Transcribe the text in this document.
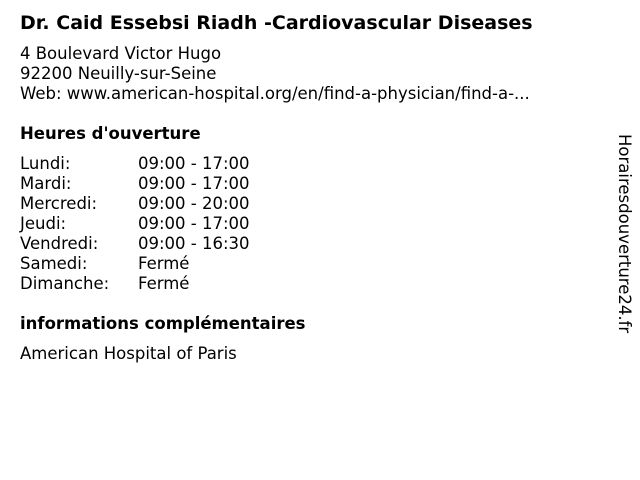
Dr. Caid Essebsi Riadh -Cardiovascular Diseases
4 Boulevard Victor Hugo
92200 Neuilly-sur-Seine
Web: www.american-hospital.org/en/find-a-physician/find-a-...
Heures d'ouverture
Lundi:	09:00 - 17:00
Mardi:	09:00 - 17:00
Mercredi: 09:00 - 20:00
Jeudi:	09:00 - 17:00
Vendredi: 09:00 - 16:30
Samedi:	Fermé
Dimanche: Fermé
informations complémentaires
American Hospital of Paris
Horairesdouverture24.fr
